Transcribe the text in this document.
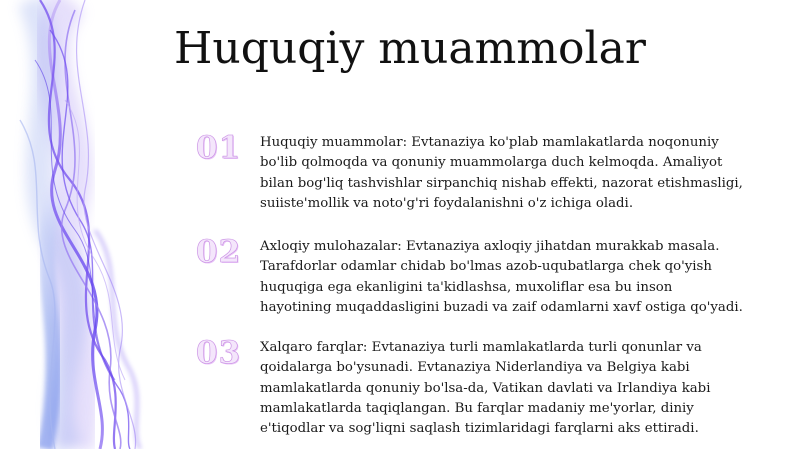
Huquqiy muammolar
01	Huquqiy muammolar: Evtanaziya ko'plab mamlakatlarda noqonuniy bo'lib qolmoqda va qonuniy muammolarga duch kelmoqda. Amaliyot bilan bog'liq tashvishlar sirpanchiq nishab effekti, nazorat etishmasligi, suiiste'mollik va noto'g'ri foydalanishni o'z ichiga oladi.

02	Axloqiy mulohazalar: Evtanaziya axloqiy jihatdan murakkab masala. Tarafdorlar odamlar chidab bo'lmas azob-uqubatlarga chek qo'yish huquqiga ega ekanligini ta'kidlashsa, muxoliflar esa bu inson hayotining muqaddasligini buzadi va zaif odamlarni xavf ostiga qo'yadi.

03	Xalqaro farqlar: Evtanaziya turli mamlakatlarda turli qonunlar va qoidalarga bo'ysunadi. Evtanaziya Niderlandiya va Belgiya kabi mamlakatlarda qonuniy bo'lsa-da, Vatikan davlati va Irlandiya kabi mamlakatlarda taqiqlangan. Bu farqlar madaniy me'yorlar, diniy e'tiqodlar va sog'liqni saqlash tizimlaridagi farqlarni aks ettiradi.
